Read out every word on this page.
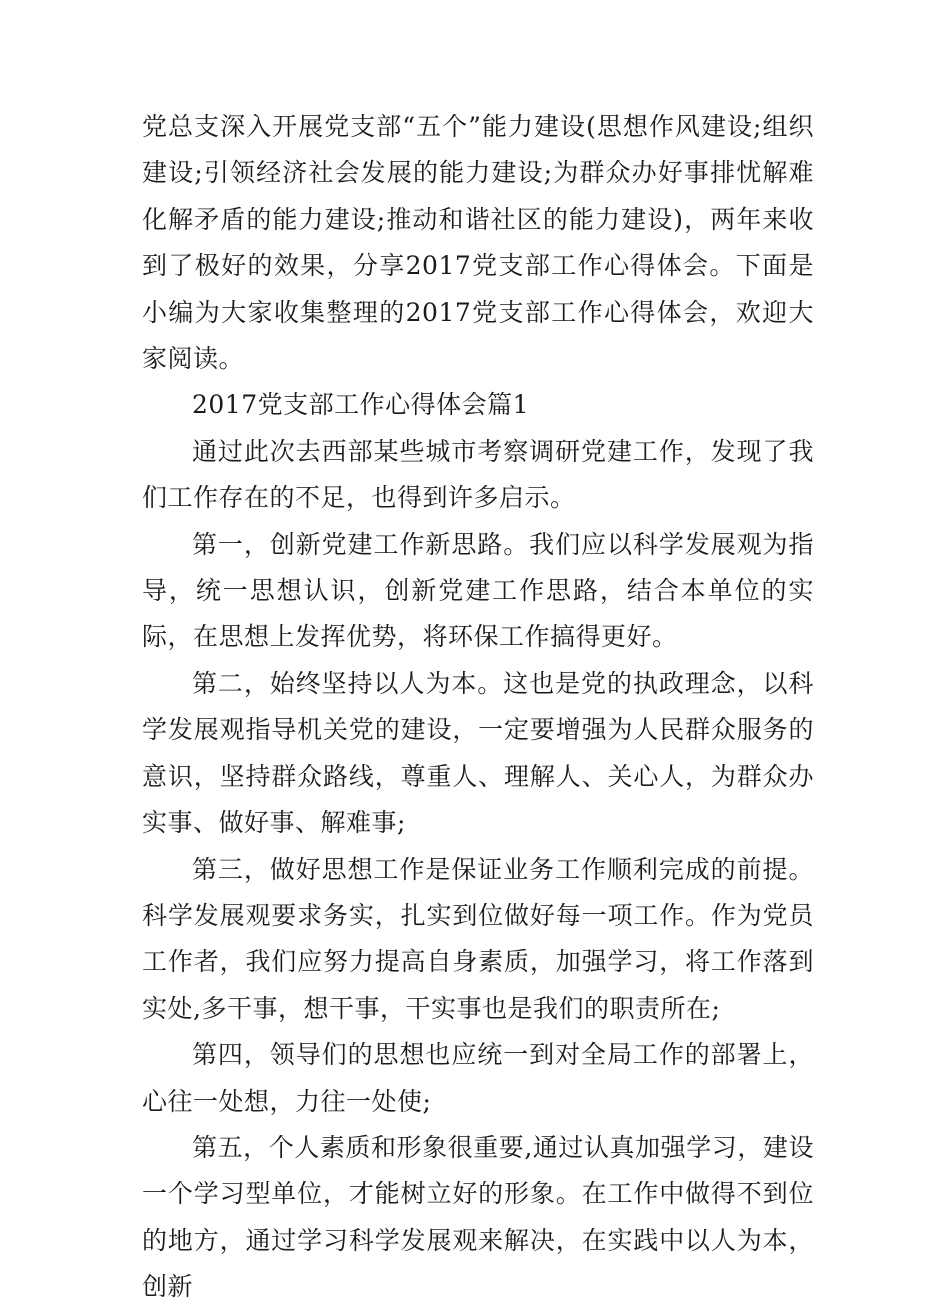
党总支深入开展党支部“五个”能力建设(思想作风建设;组织建设;引领经济社会发展的能力建设;为群众办好事排忧解难化解矛盾的能力建设;推动和谐社区的能力建设)，两年来收到了极好的效果，分享2017党支部工作心得体会。下面是小编为大家收集整理的2017党支部工作心得体会，欢迎大家阅读。

2017党支部工作心得体会篇1

通过此次去西部某些城市考察调研党建工作，发现了我们工作存在的不足，也得到许多启示。

第一，创新党建工作新思路。我们应以科学发展观为指导，统一思想认识，创新党建工作思路，结合本单位的实际，在思想上发挥优势，将环保工作搞得更好。

第二，始终坚持以人为本。这也是党的执政理念，以科学发展观指导机关党的建设，一定要增强为人民群众服务的意识，坚持群众路线，尊重人、理解人、关心人，为群众办实事、做好事、解难事;

第三，做好思想工作是保证业务工作顺利完成的前提。科学发展观要求务实，扎实到位做好每一项工作。作为党员工作者，我们应努力提高自身素质，加强学习，将工作落到实处,多干事，想干事，干实事也是我们的职责所在;

第四，领导们的思想也应统一到对全局工作的部署上，心往一处想，力往一处使;

第五，个人素质和形象很重要,通过认真加强学习，建设一个学习型单位，才能树立好的形象。在工作中做得不到位的地方，通过学习科学发展观来解决，在实践中以人为本，创新
